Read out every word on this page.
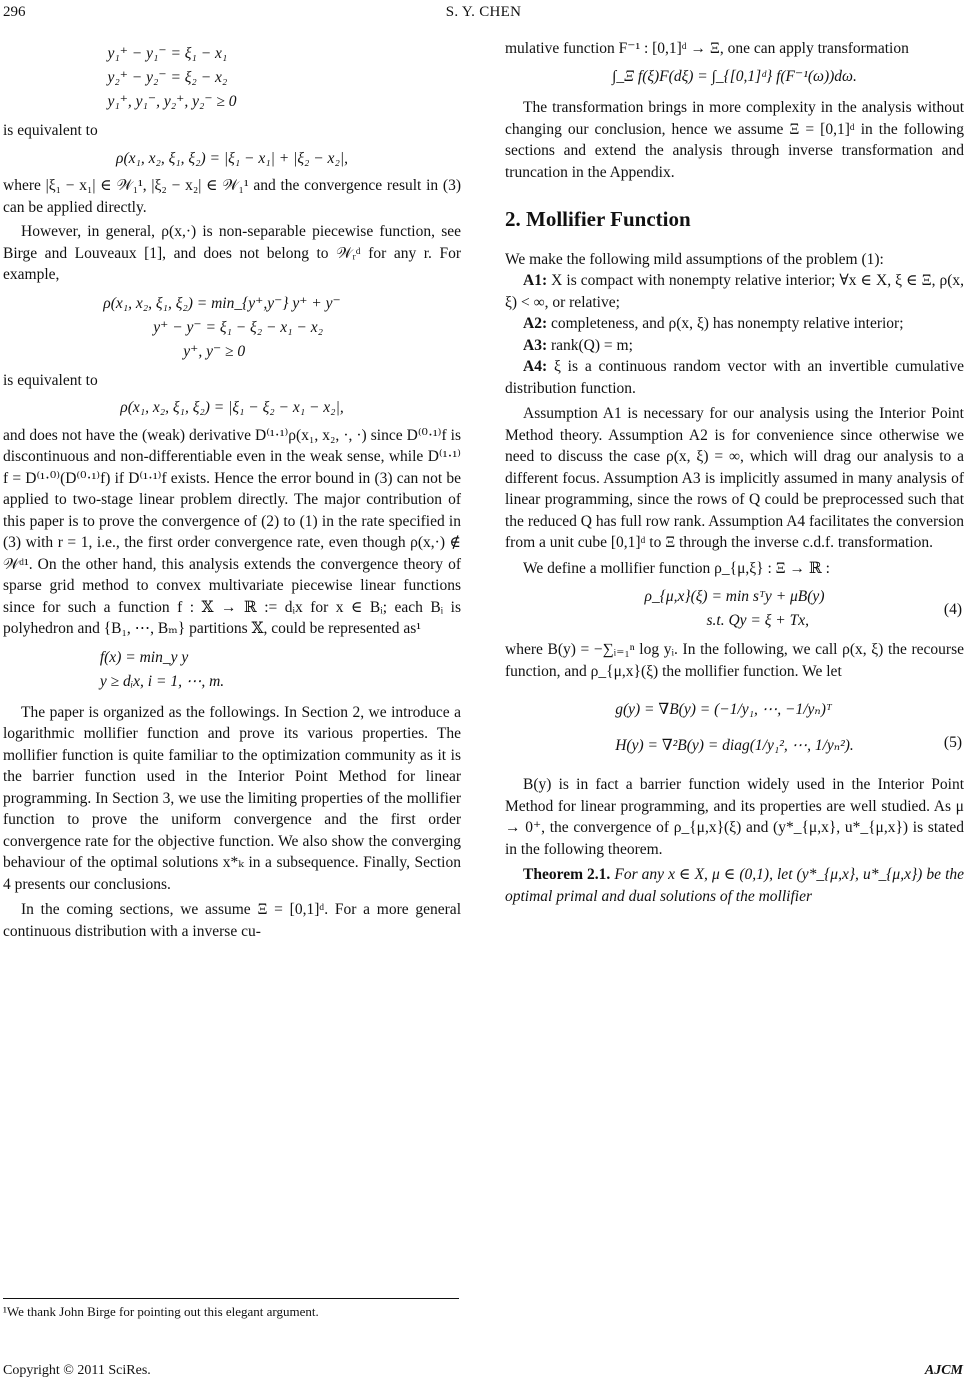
296	S. Y. CHEN
y₁⁺ − y₁⁻ = ξ₁ − x₁
y₂⁺ − y₂⁻ = ξ₂ − x₂
y₁⁺, y₁⁻, y₂⁺, y₂⁻ ≥ 0

is equivalent to

ρ(x₁, x₂, ξ₁, ξ₂) = |ξ₁ − x₁| + |ξ₂ − x₂|,

where |ξ₁ − x₁| ∈ 𝒲₁¹, |ξ₂ − x₂| ∈ 𝒲₁¹ and the convergence result in (3) can be applied directly.

However, in general, ρ(x,·) is non-separable piecewise function, see Birge and Louveaux [1], and does not belong to 𝒲ᵣᵈ for any r. For example,

ρ(x₁, x₂, ξ₁, ξ₂) = min_{y⁺,y⁻} y⁺ + y⁻
y⁺ − y⁻ = ξ₁ − ξ₂ − x₁ − x₂
y⁺, y⁻ ≥ 0

is equivalent to

ρ(x₁, x₂, ξ₁, ξ₂) = |ξ₁ − ξ₂ − x₁ − x₂|,

and does not have the (weak) derivative D⁽¹·¹⁾ρ(x₁, x₂, ·, ·) since D⁽⁰·¹⁾f is discontinuous and non-differentiable even in the weak sense, while D⁽¹·¹⁾f = D⁽¹·⁰⁾(D⁽⁰·¹⁾f) if D⁽¹·¹⁾f exists. Hence the error bound in (3) can not be applied to two-stage linear problem directly. The major contribution of this paper is to prove the convergence of (2) to (1) in the rate specified in (3) with r = 1, i.e., the first order convergence rate, even though ρ(x,·) ∉ 𝒲ᵈ¹. On the other hand, this analysis extends the convergence theory of sparse grid method to convex multivariate piecewise linear functions since for such a function f : 𝕏 → ℝ := dᵢx for x ∈ Bᵢ; each Bᵢ is polyhedron and {B₁, ⋯, Bₘ} partitions 𝕏, could be represented as¹

f(x) = min_y y
y ≥ dᵢx, i = 1, ⋯, m.

The paper is organized as the followings. In Section 2, we introduce a logarithmic mollifier function and prove its various properties. The mollifier function is quite familiar to the optimization community as it is the barrier function used in the Interior Point Method for linear programming. In Section 3, we use the limiting properties of the mollifier function to prove the uniform convergence and the first order convergence rate for the objective function. We also show the converging behaviour of the optimal solutions x*ₖ in a subsequence. Finally, Section 4 presents our conclusions.

In the coming sections, we assume Ξ = [0,1]ᵈ. For a more general continuous distribution with a inverse cu-

¹We thank John Birge for pointing out this elegant argument.

mulative function F⁻¹ : [0,1]ᵈ → Ξ, one can apply transformation

∫_Ξ f(ξ)F(dξ) = ∫_{[0,1]ᵈ} f(F⁻¹(ω))dω.

The transformation brings in more complexity in the analysis without changing our conclusion, hence we assume Ξ = [0,1]ᵈ in the following sections and extend the analysis through inverse transformation and truncation in the Appendix.

2. Mollifier Function

We make the following mild assumptions of the problem (1):

A1: X is compact with nonempty relative interior; ∀x ∈ X, ξ ∈ Ξ, ρ(x, ξ) < ∞, or relative;

A2: completeness, and ρ(x, ξ) has nonempty relative interior;

A3: rank(Q) = m;

A4: ξ is a continuous random vector with an invertible cumulative distribution function.

Assumption A1 is necessary for our analysis using the Interior Point Method theory. Assumption A2 is for convenience since otherwise we need to discuss the case ρ(x, ξ) = ∞, which will drag our analysis to a different focus. Assumption A3 is implicitly assumed in many analysis of linear programming, since the rows of Q could be preprocessed such that the reduced Q has full row rank. Assumption A4 facilitates the conversion from a unit cube [0,1]ᵈ to Ξ through the inverse c.d.f. transformation.

We define a mollifier function ρ_{μ,ξ} : Ξ → ℝ :

ρ_{μ,x}(ξ) = min sᵀy + μB(y)
s.t. Qy = ξ + Tx,
(4)

where B(y) = −∑ᵢ₌₁ⁿ log yᵢ. In the following, we call ρ(x, ξ) the recourse function, and ρ_{μ,x}(ξ) the mollifier function. We let

g(y) = ∇B(y) = (−1/y₁, ⋯, −1/yₙ)ᵀ
H(y) = ∇²B(y) = diag(1/y₁², ⋯, 1/yₙ²).	(5)

B(y) is in fact a barrier function widely used in the Interior Point Method for linear programming, and its properties are well studied. As μ → 0⁺, the convergence of ρ_{μ,x}(ξ) and (y*_{μ,x}, u*_{μ,x}) is stated in the following theorem.

Theorem 2.1. For any x ∈ X, μ ∈ (0,1), let (y*_{μ,x}, u*_{μ,x}) be the optimal primal and dual solutions of the mollifier

Copyright © 2011 SciRes.	AJCM
